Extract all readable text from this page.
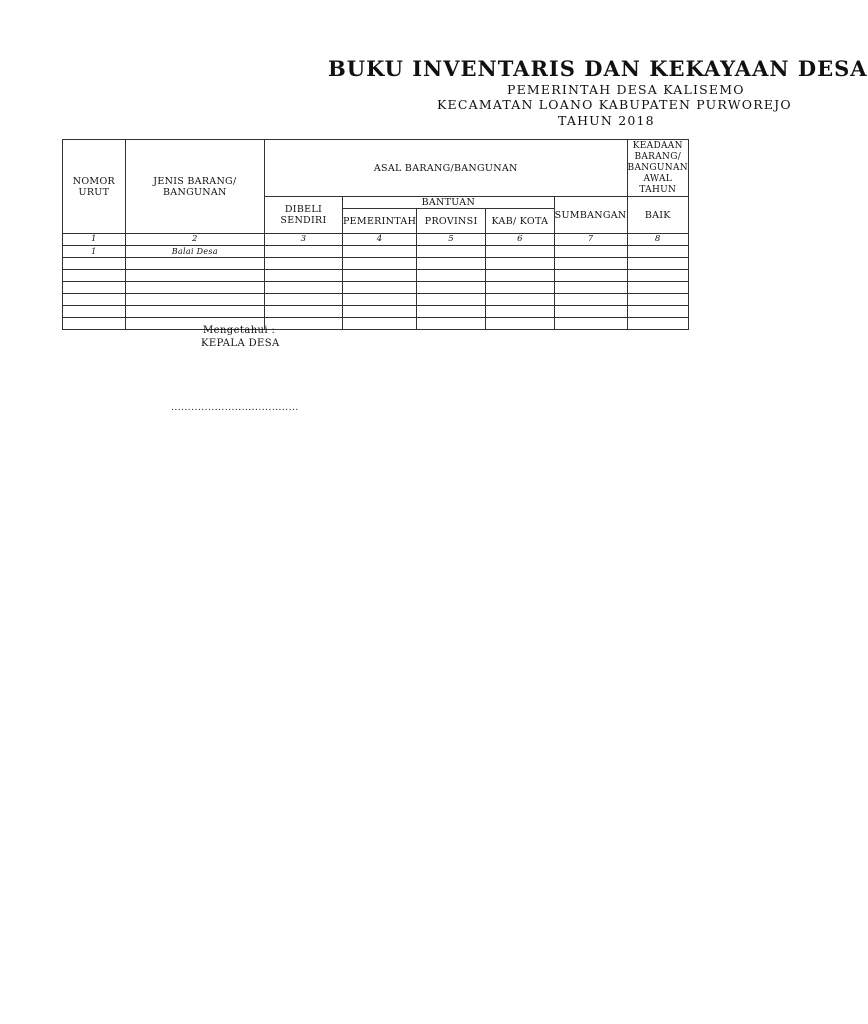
BUKU INVENTARIS DAN KEKAYAAN DESA
PEMERINTAH DESA KALISEMO
KECAMATAN LOANO KABUPATEN PURWOREJO
TAHUN 2018
NOMOR URUT	JENIS BARANG/ BANGUNAN	ASAL BARANG/BANGUNAN					KEADAAN BARANG/ BANGUNAN AWAL TAHUN
		DIBELI SENDIRI	BANTUAN			SUMBANGAN	BAIK
			PEMERINTAH	PROVINSI	KAB/ KOTA		
1	2	3	4	5	6	7	8
1	Balai Desa						

Mengetahui :
KEPALA DESA
......................................
